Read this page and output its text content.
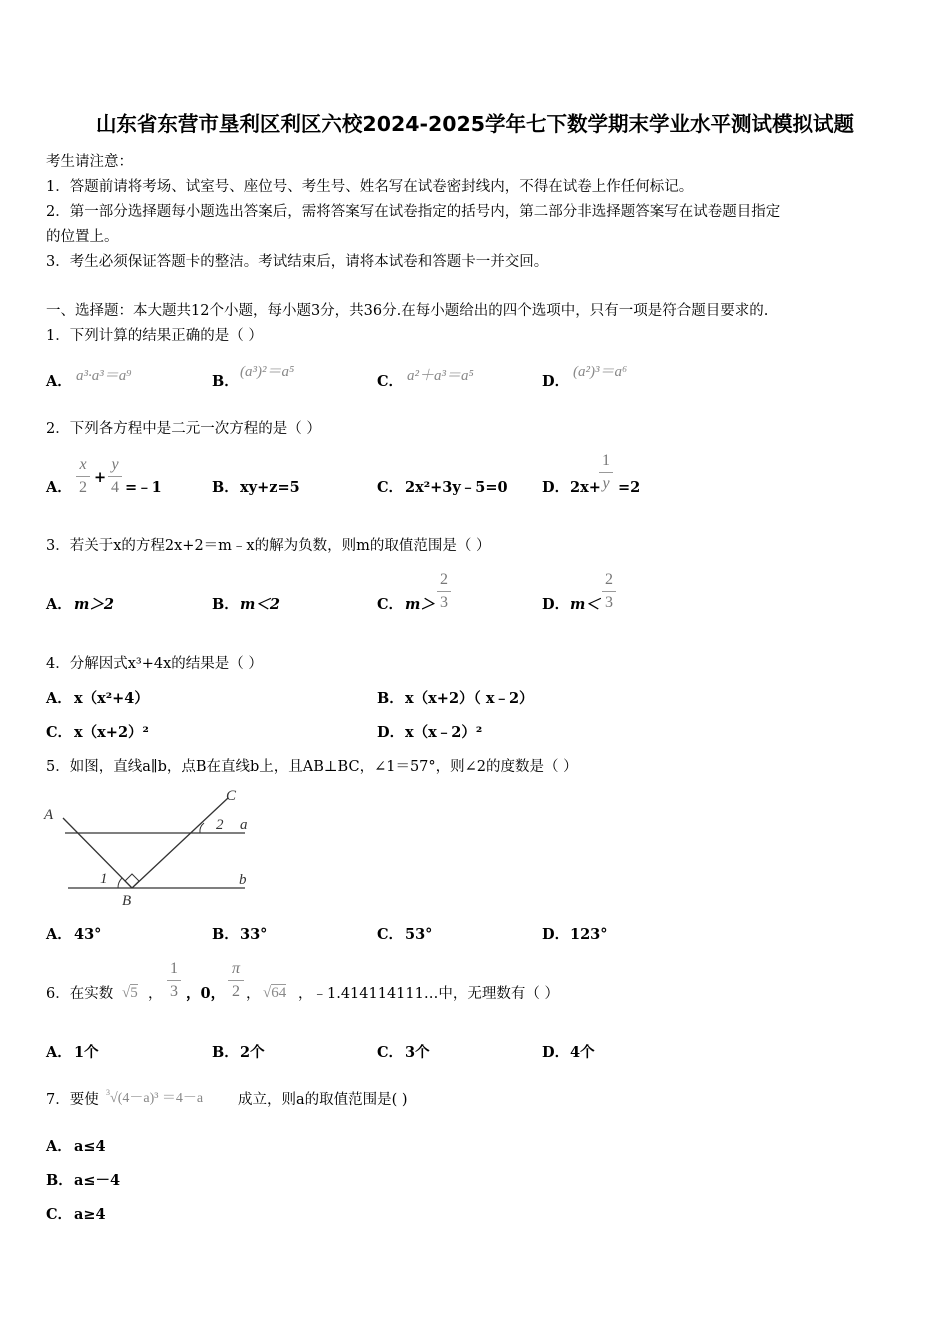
山东省东营市垦利区利区六校2024-2025学年七下数学期末学业水平测试模拟试题
考生请注意：
1．答题前请将考场、试室号、座位号、考生号、姓名写在试卷密封线内，不得在试卷上作任何标记。
2．第一部分选择题每小题选出答案后，需将答案写在试卷指定的括号内，第二部分非选择题答案写在试卷题目指定
的位置上。
3．考生必须保证答题卡的整洁。考试结束后，请将本试卷和答题卡一并交回。
一、选择题：本大题共12个小题，每小题3分，共36分.在每小题给出的四个选项中，只有一项是符合题目要求的.
1．下列计算的结果正确的是（ ）
A． a³·a³＝a⁹	B．
(a³)²＝a⁵
C． a²＋a³＝a⁵	D．
(a²)³＝a⁶
2．下列各方程中是二元一次方程的是（ ）
A．
x
2
+
y
4 =﹣1	B． xy+z=5	C． 2x²+3y﹣5=0 D． 2x+
1
y =2
3．若关于x的方程2x+2＝m﹣x的解为负数，则m的取值范围是（ ）
A． m＞2	B． m＜2	C． m＞
2
3	D． m＜
2
3
4．分解因式x³+4x的结果是（ ）
A． x（x²+4）	B． x（x+2）（ x﹣2）
C． x（x+2）²	D． x（x﹣2）²
5．如图，直线a∥b，点B在直线b上，且AB⊥BC，∠1＝57°，则∠2的度数是（ ）
A
C
a
b
B
1
2
A． 43°	B． 33°	C． 53°	D． 123°
6．在实数 √5 ，
1
3 ，0，
π
2 ， √64 ，﹣1.414114111…中，无理数有（ ）
A． 1个	B． 2个	C． 3个	D． 4个
7．要使 $^3$√(4－a)³ ＝4－a 成立，则a的取值范围是( )
A． a≤4
B． a≤－4
C． a≥4
